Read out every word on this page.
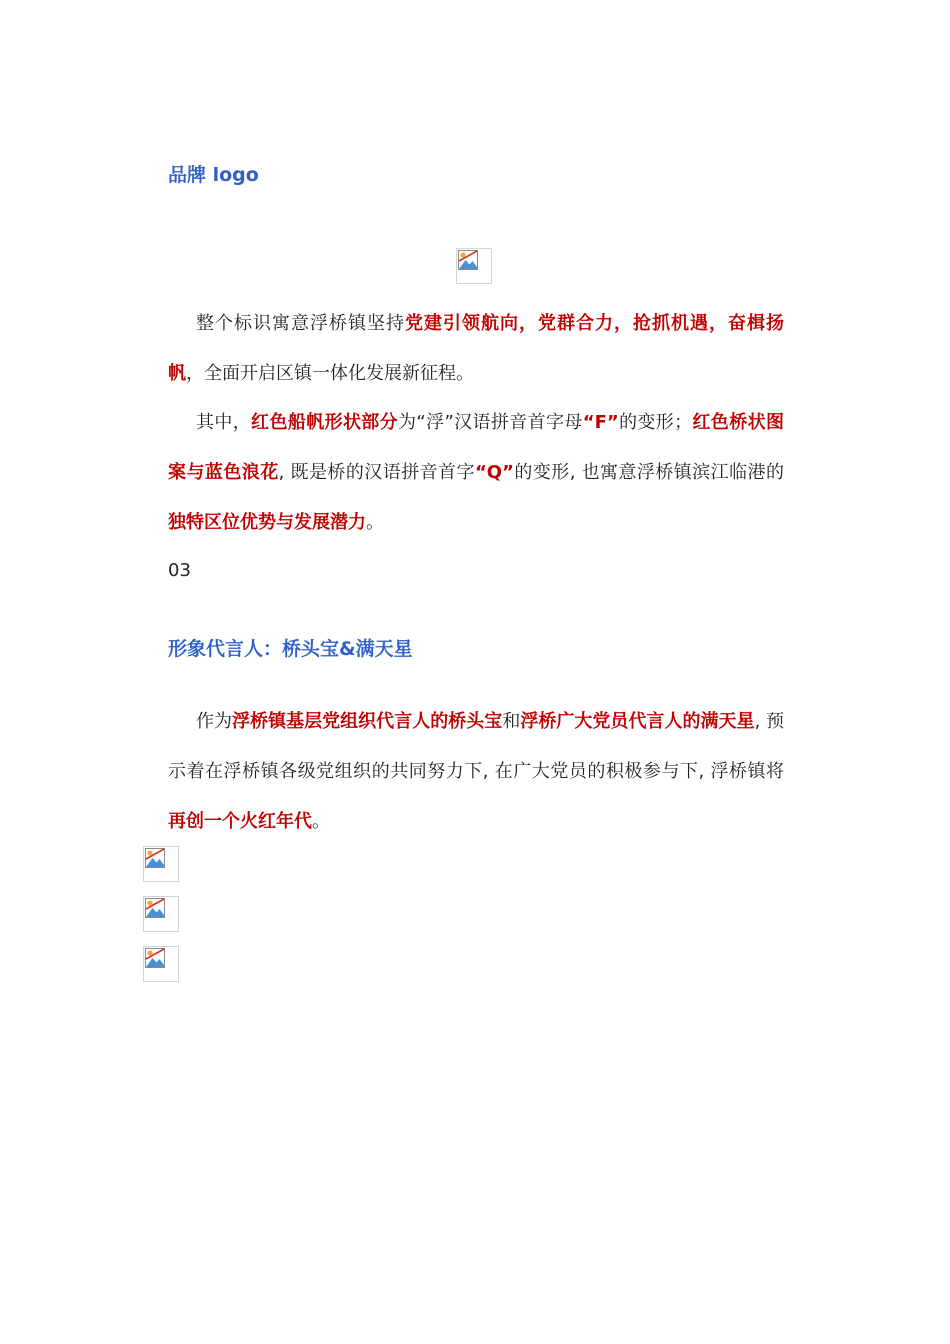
品牌 logo

整个标识寓意浮桥镇坚持党建引领航向，党群合力，抢抓机遇，奋楫扬帆，全面开启区镇一体化发展新征程。

其中，红色船帆形状部分为“浮”汉语拼音首字母“F”的变形；红色桥状图案与蓝色浪花, 既是桥的汉语拼音首字“Q”的变形, 也寓意浮桥镇滨江临港的独特区位优势与发展潜力。

03

形象代言人：桥头宝&满天星

作为浮桥镇基层党组织代言人的桥头宝和浮桥广大党员代言人的满天星, 预示着在浮桥镇各级党组织的共同努力下, 在广大党员的积极参与下, 浮桥镇将再创一个火红年代。
